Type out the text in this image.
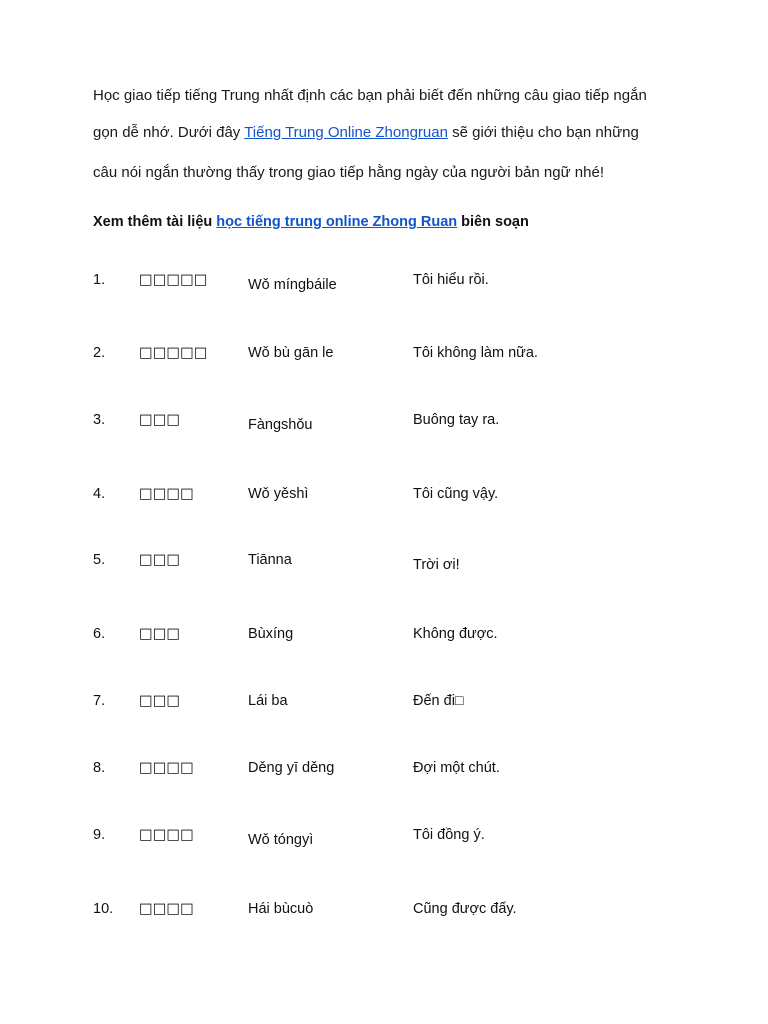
Học giao tiếp tiếng Trung nhất định các bạn phải biết đến những câu giao tiếp ngắn
gọn dễ nhớ. Dưới đây Tiếng Trung Online Zhongruan sẽ giới thiệu cho bạn những
câu nói ngắn thường thấy trong giao tiếp hằng ngày của người bản ngữ nhé!
Xem thêm tài liệu học tiếng trung online Zhong Ruan biên soạn
1. □□□□□	Wǒ míngbáile	Tôi hiểu rồi.
2. □□□□□	Wǒ bù gān le	Tôi không làm nữa.
3. □□□	Fàngshǒu	Buông tay ra.
4. □□□□	Wǒ yěshì	Tôi cũng vậy.
5. □□□	Tiānna	Trời ơi!
6. □□□	Bùxíng	Không được.
7. □□□	Lái ba	Đến đi□
8. □□□□	Děng yī děng	Đợi một chút.
9. □□□□	Wǒ tóngyì	Tôi đồng ý.
10. □□□□	Hái bùcuò	Cũng được đấy.
